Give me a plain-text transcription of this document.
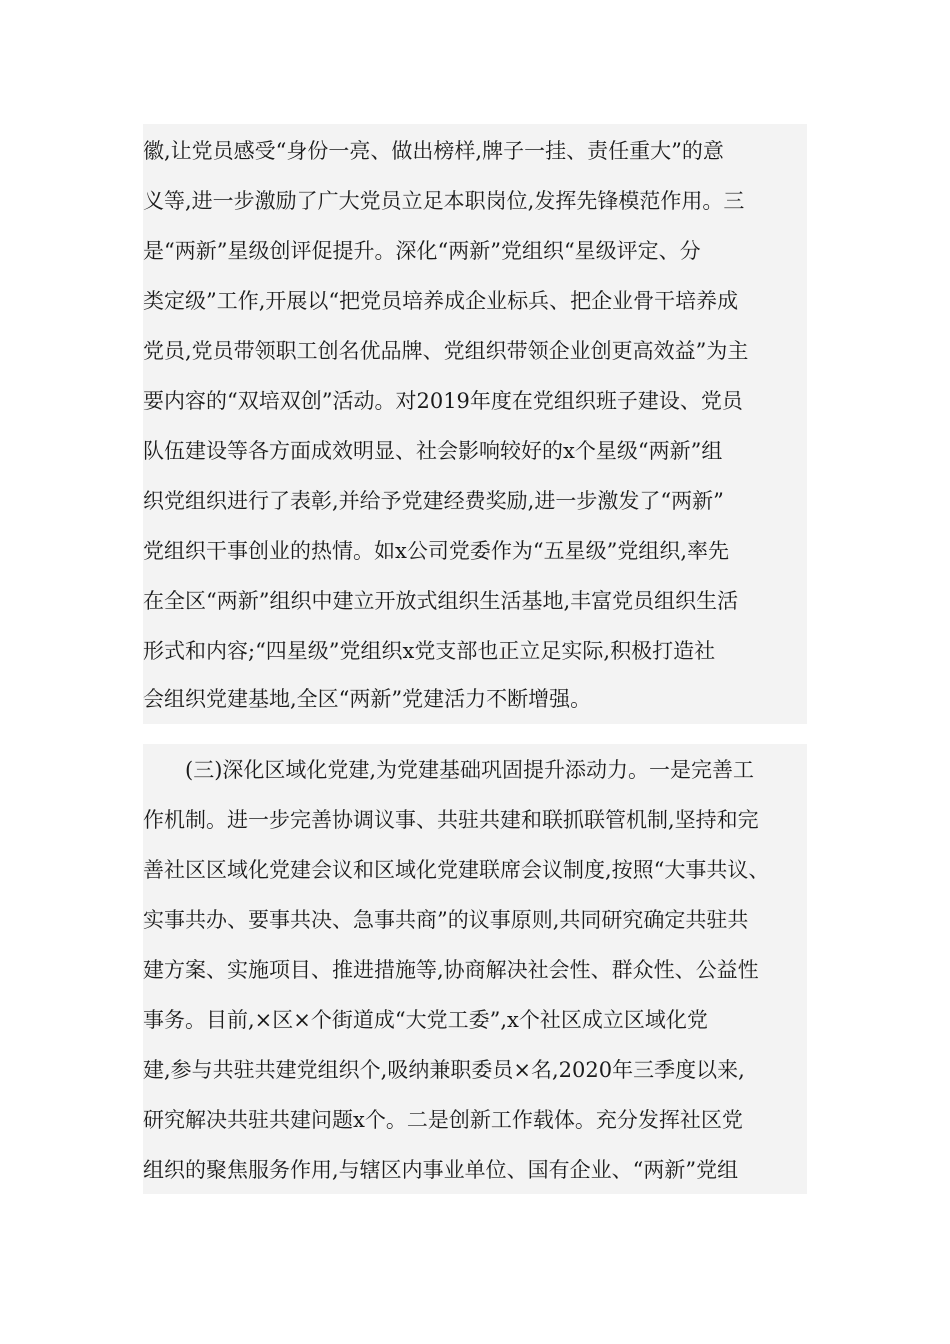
徽,让党员感受“身份一亮、做出榜样,牌子一挂、责任重大”的意
义等,进一步激励了广大党员立足本职岗位,发挥先锋模范作用。三
是“两新”星级创评促提升。深化“两新”党组织“星级评定、分
类定级”工作,开展以“把党员培养成企业标兵、把企业骨干培养成
党员,党员带领职工创名优品牌、党组织带领企业创更高效益”为主
要内容的“双培双创”活动。对2019年度在党组织班子建设、党员
队伍建设等各方面成效明显、社会影响较好的x个星级“两新”组
织党组织进行了表彰,并给予党建经费奖励,进一步激发了“两新”
党组织干事创业的热情。如x公司党委作为“五星级”党组织,率先
在全区“两新”组织中建立开放式组织生活基地,丰富党员组织生活
形式和内容;“四星级”党组织x党支部也正立足实际,积极打造社
会组织党建基地,全区“两新”党建活力不断增强。
(三)深化区域化党建,为党建基础巩固提升添动力。一是完善工
作机制。进一步完善协调议事、共驻共建和联抓联管机制,坚持和完
善社区区域化党建会议和区域化党建联席会议制度,按照“大事共议、
实事共办、要事共决、急事共商”的议事原则,共同研究确定共驻共
建方案、实施项目、推进措施等,协商解决社会性、群众性、公益性
事务。目前,×区×个街道成“大党工委”,x个社区成立区域化党
建,参与共驻共建党组织个,吸纳兼职委员×名,2020年三季度以来,
研究解决共驻共建问题x个。二是创新工作载体。充分发挥社区党
组织的聚焦服务作用,与辖区内事业单位、国有企业、“两新”党组
